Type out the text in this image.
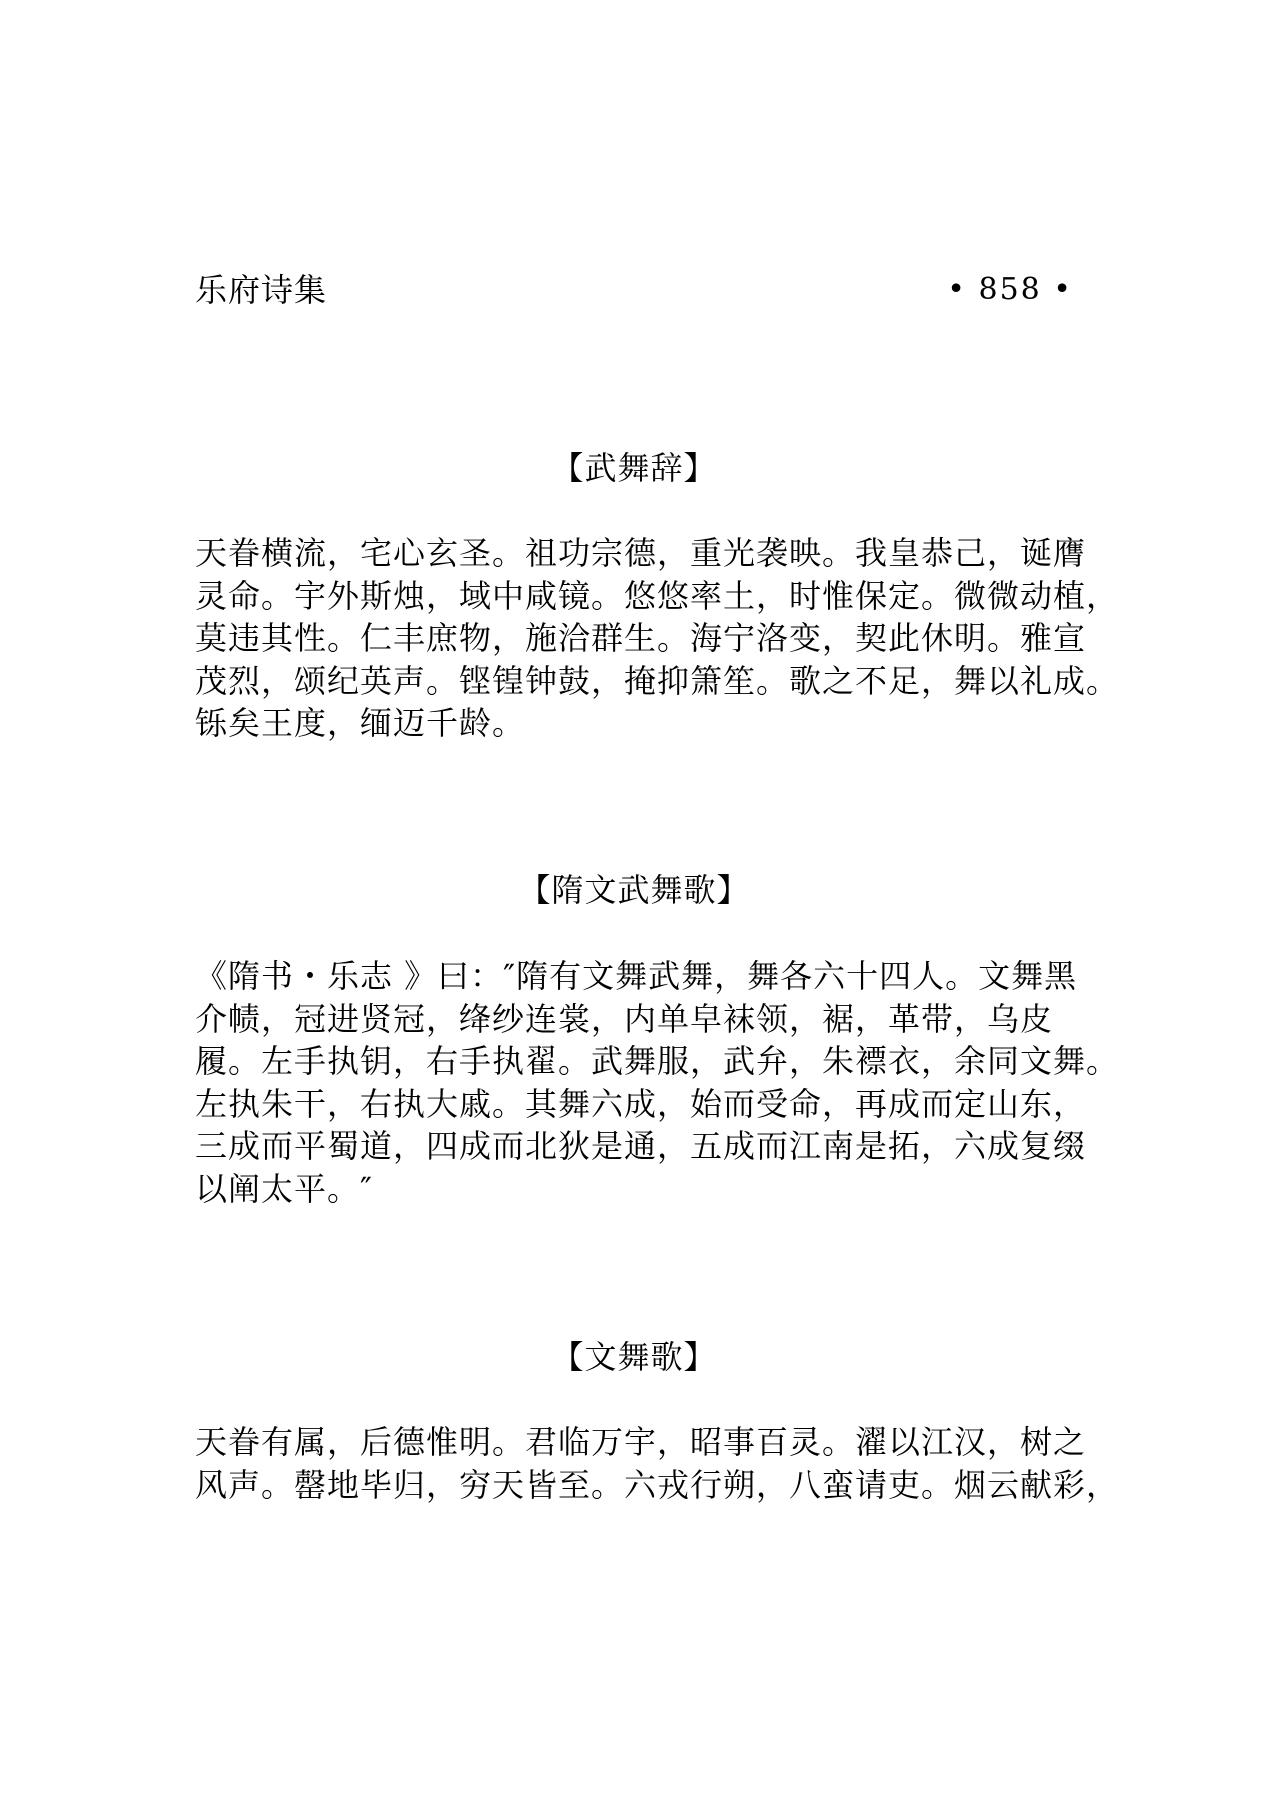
乐府诗集	• 858 •
【武舞辞】
天眷横流，宅心玄圣。祖功宗德，重光袭映。我皇恭己，诞膺
灵命。宇外斯烛，域中咸镜。悠悠率土，时惟保定。微微动植，
莫违其性。仁丰庶物，施洽群生。海宁洛变，契此休明。雅宣
茂烈，颂纪英声。铿锽钟鼓，掩抑箫笙。歌之不足，舞以礼成。
铄矣王度，缅迈千龄。
【隋文武舞歌】
《隋书・乐志 》曰：″隋有文舞武舞，舞各六十四人。文舞黑
介帻，冠进贤冠，绛纱连裳，内单皁袜领，裾，革带，乌皮
履。左手执钥，右手执翟。武舞服，武弁，朱褾衣，余同文舞。
左执朱干，右执大戚。其舞六成，始而受命，再成而定山东，
三成而平蜀道，四成而北狄是通，五成而江南是拓，六成复缀
以阐太平。″
【文舞歌】
天眷有属，后德惟明。君临万宇，昭事百灵。濯以江汉，树之
风声。罄地毕归，穷天皆至。六戎行朔，八蛮请吏。烟云献彩，
